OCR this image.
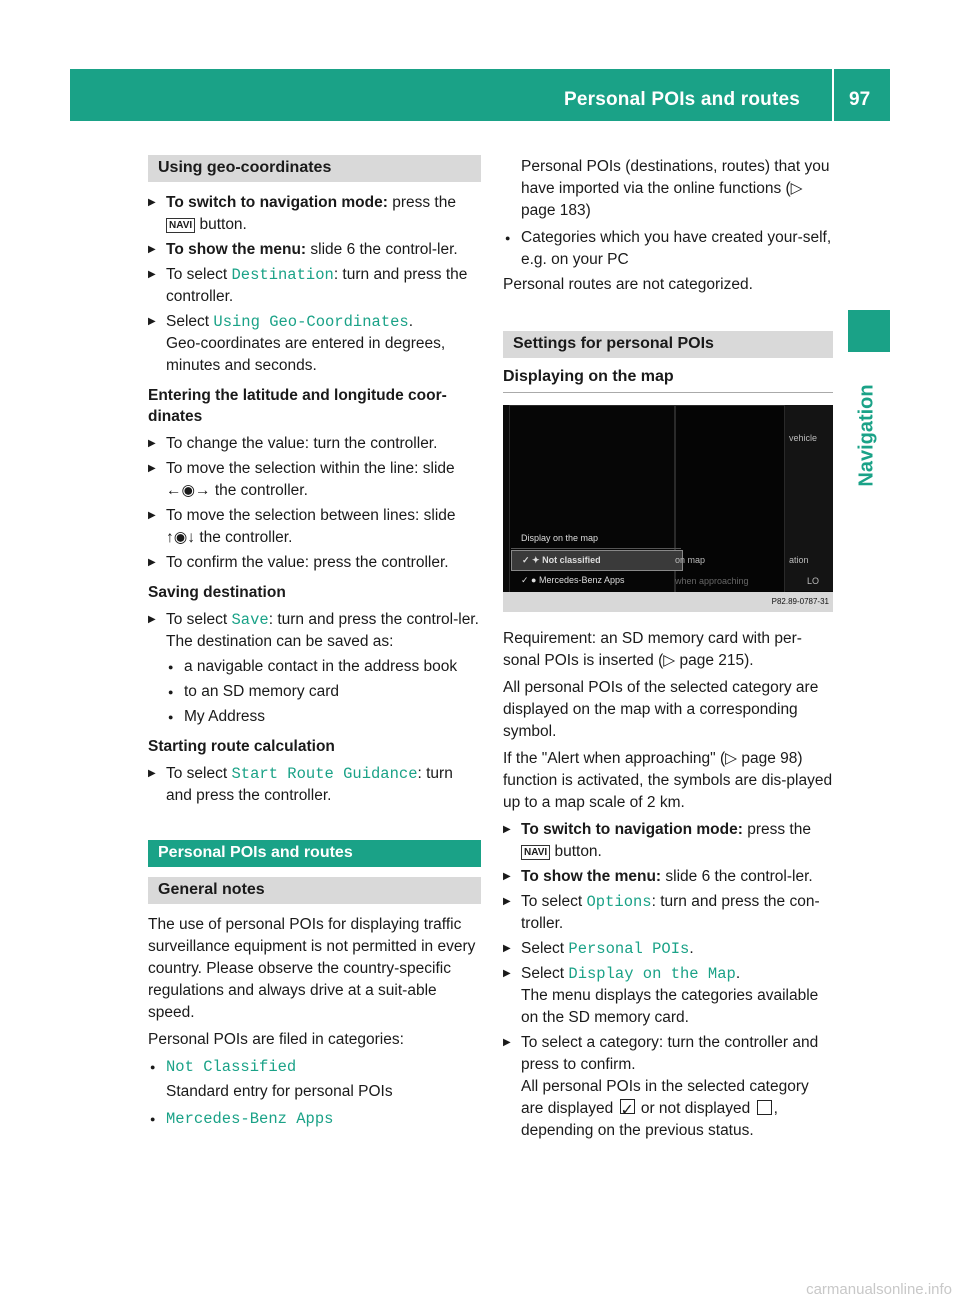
Personal POIs and routes	97
Navigation
Using geo-coordinates
▶ To switch to navigation mode: press the
NAVI button.
▶ To show the menu: slide 6 the control-ler.
▶ To select Destination: turn and press the controller.
▶ Select Using Geo-Coordinates.
Geo-coordinates are entered in degrees, minutes and seconds.
Entering the latitude and longitude coor-dinates
▶ To change the value: turn the controller.
▶ To move the selection within the line: slide ←◉→ the controller.
▶ To move the selection between lines: slide ↑◉↓ the controller.
▶ To confirm the value: press the controller.
Saving destination
▶ To select Save: turn and press the control-ler.
The destination can be saved as:
● a navigable contact in the address book
● to an SD memory card
● My Address
Starting route calculation
▶ To select Start Route Guidance: turn and press the controller.
Personal POIs and routes
General notes
The use of personal POIs for displaying traffic surveillance equipment is not permitted in every country. Please observe the country-specific regulations and always drive at a suit-able speed.
Personal POIs are filed in categories:
● Not Classified
Standard entry for personal POIs
● Mercedes-Benz Apps
Personal POIs (destinations, routes) that you have imported via the online functions (▷ page 183)
● Categories which you have created your-self, e.g. on your PC
Personal routes are not categorized.
Settings for personal POIs
Displaying on the map
Display on the map
✓ ✦ Not classified
✓ ● Mercedes-Benz Apps
on map
when approaching
vehicle
ation
LO
P82.89-0787-31
Requirement: an SD memory card with per-sonal POIs is inserted (▷ page 215).
All personal POIs of the selected category are displayed on the map with a corresponding symbol.
If the "Alert when approaching" (▷ page 98) function is activated, the symbols are dis-played up to a map scale of 2 km.
▶ To switch to navigation mode: press the
NAVI button.
▶ To show the menu: slide 6 the control-ler.
▶ To select Options: turn and press the con-troller.
▶ Select Personal POIs.
▶ Select Display on the Map.
The menu displays the categories available on the SD memory card.
▶ To select a category: turn the controller and press to confirm.
All personal POIs in the selected category are displayed ✓ or not displayed , depending on the previous status.
carmanualsonline.info
